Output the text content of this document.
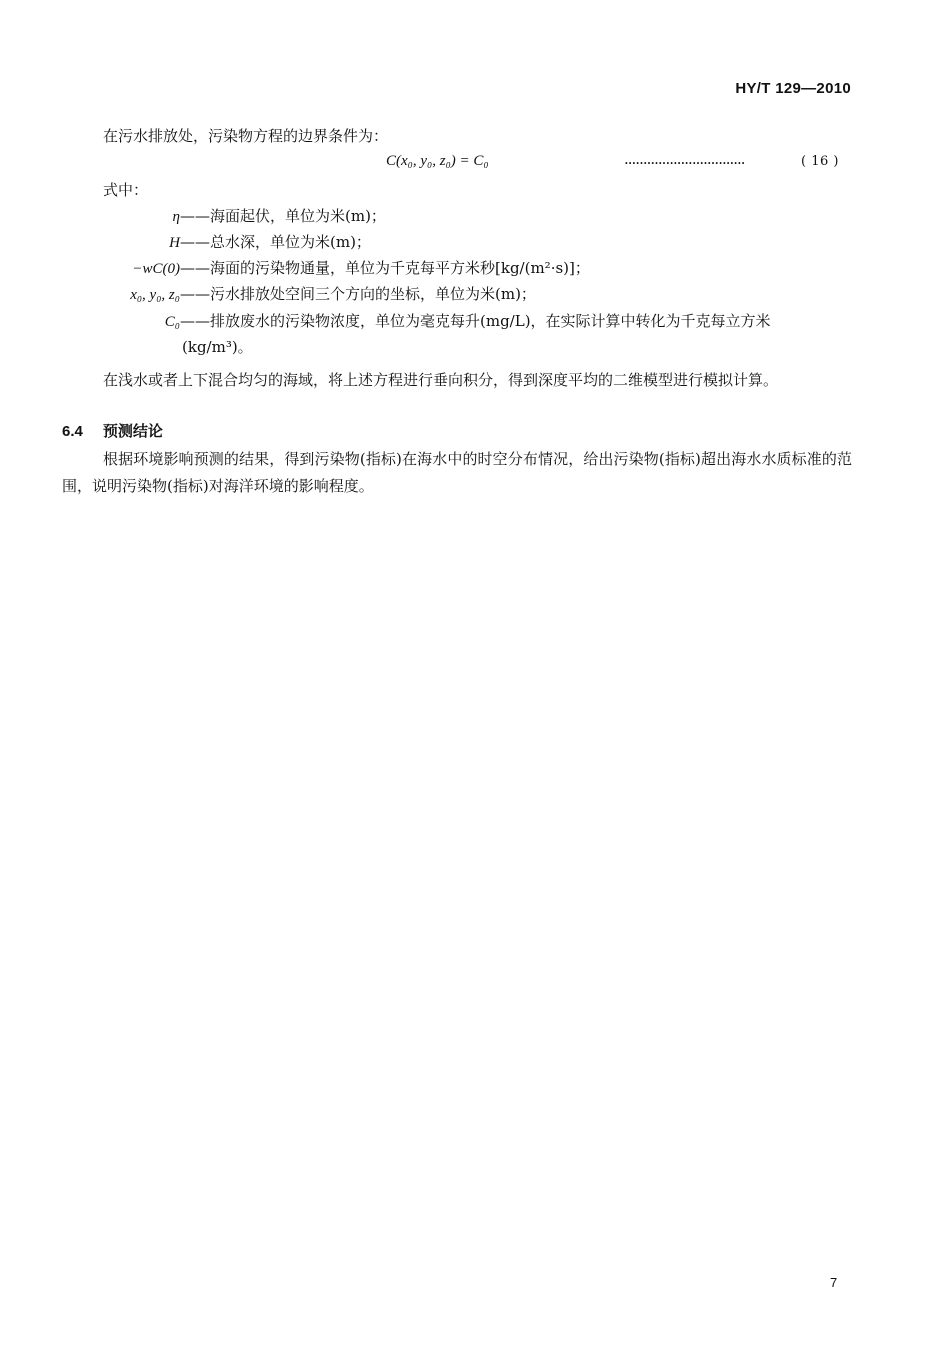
HY/T 129—2010
在污水排放处，污染物方程的边界条件为：
C(x₀, y₀, z₀) = C₀	································	( 16 )
式中：
η——海面起伏，单位为米(m)；
H——总水深，单位为米(m)；
−wC(0)——海面的污染物通量，单位为千克每平方米秒[kg/(m²·s)]；
x₀, y₀, z₀——污水排放处空间三个方向的坐标，单位为米(m)；
C₀——排放废水的污染物浓度，单位为毫克每升(mg/L)，在实际计算中转化为千克每立方米
(kg/m³)。
在浅水或者上下混合均匀的海域，将上述方程进行垂向积分，得到深度平均的二维模型进行模拟计算。
6.4 预测结论
根据环境影响预测的结果，得到污染物(指标)在海水中的时空分布情况，给出污染物(指标)超出海水水质标准的范围，说明污染物(指标)对海洋环境的影响程度。
7
